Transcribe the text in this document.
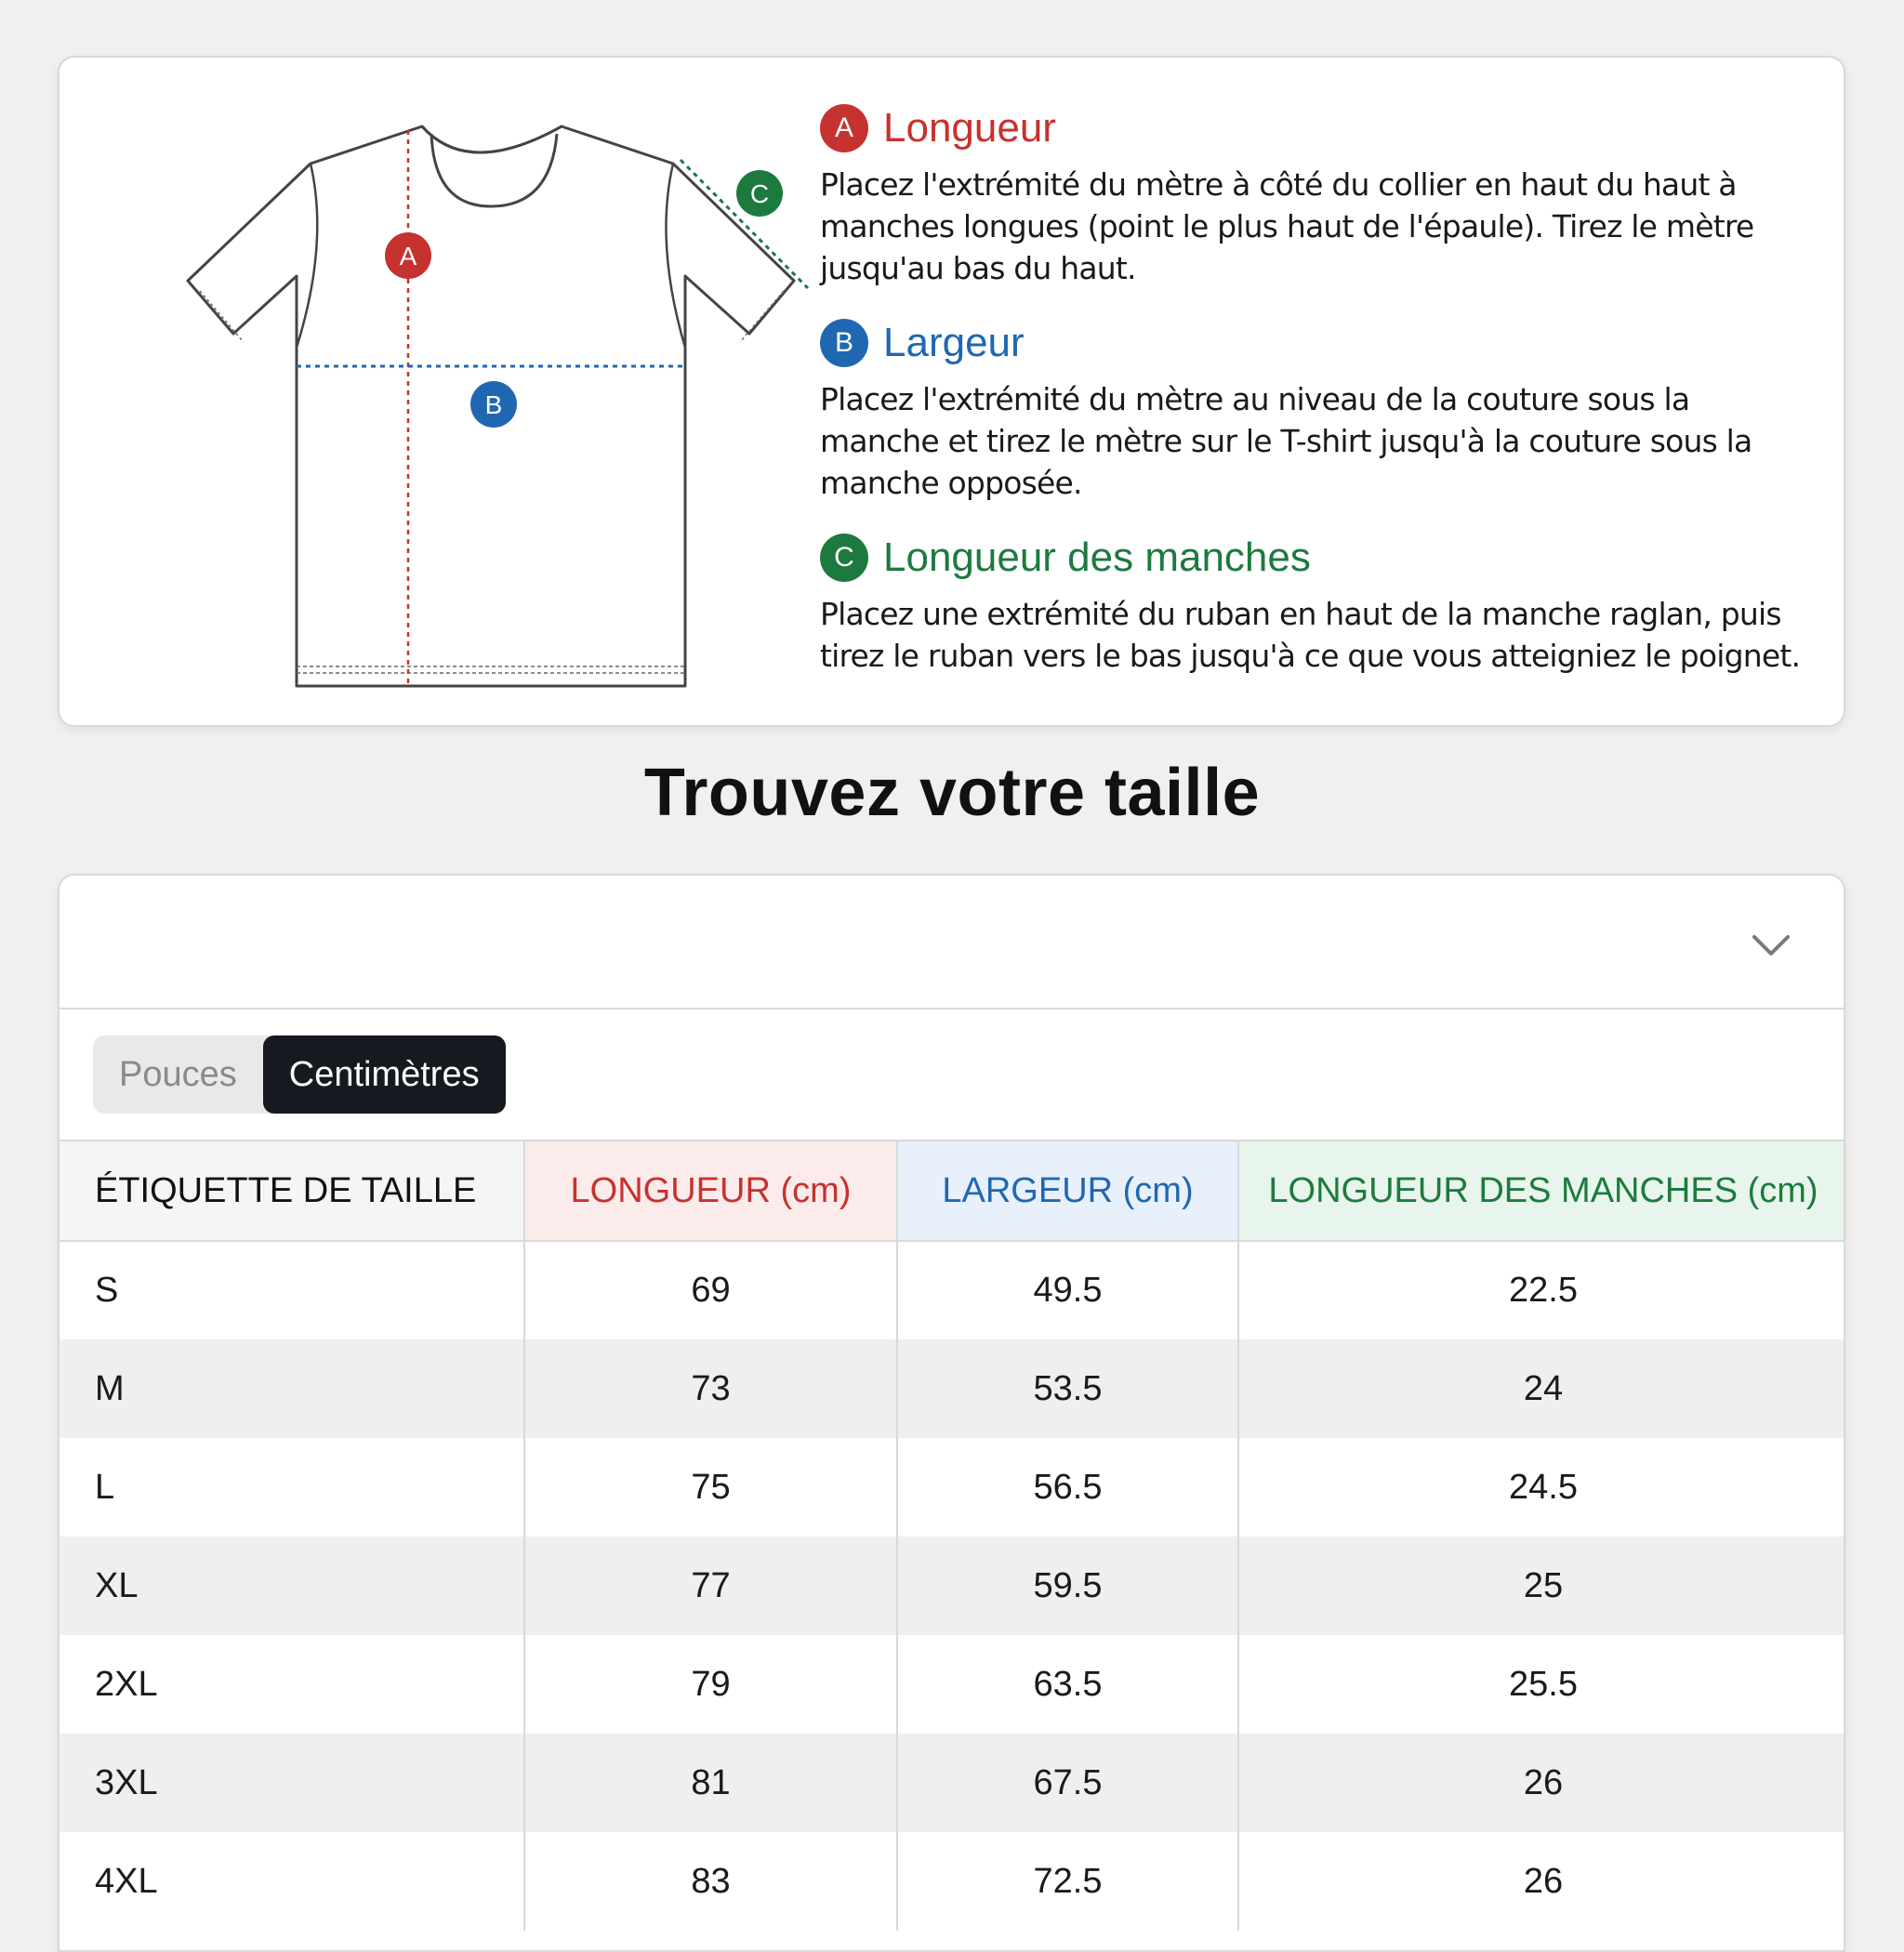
A
B
C
A Longueur
Placez l'extrémité du mètre à côté du collier en haut du haut à manches longues (point le plus haut de l'épaule). Tirez le mètre jusqu'au bas du haut.
B Largeur
Placez l'extrémité du mètre au niveau de la couture sous la manche et tirez le mètre sur le T-shirt jusqu'à la couture sous la manche opposée.
C Longueur des manches
Placez une extrémité du ruban en haut de la manche raglan, puis tirez le ruban vers le bas jusqu'à ce que vous atteigniez le poignet.
Trouvez votre taille
Pouces	Centimètres
ÉTIQUETTE DE TAILLE	LONGUEUR (cm)	LARGEUR (cm)	LONGUEUR DES MANCHES (cm)
S	69	49.5	22.5
M	73	53.5	24
L	75	56.5	24.5
XL	77	59.5	25
2XL	79	63.5	25.5
3XL	81	67.5	26
4XL	83	72.5	26
